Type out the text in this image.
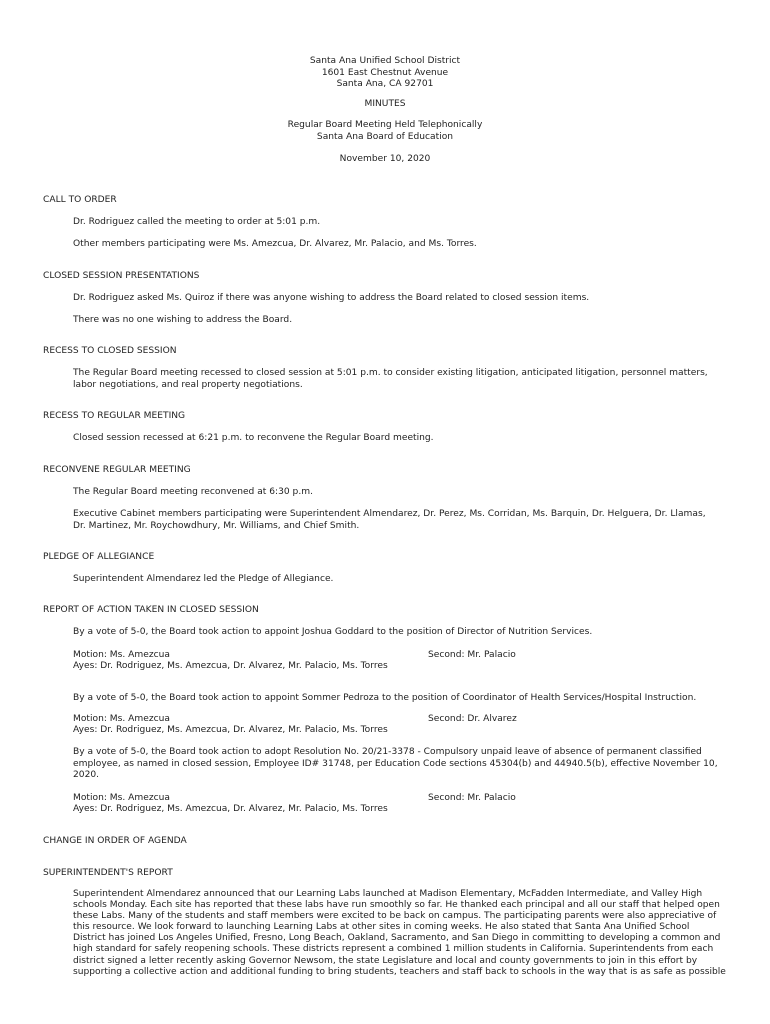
Santa Ana Unified School District
1601 East Chestnut Avenue
Santa Ana, CA 92701
MINUTES
Regular Board Meeting Held Telephonically
Santa Ana Board of Education
November 10, 2020
CALL TO ORDER
Dr. Rodriguez called the meeting to order at 5:01 p.m.
Other members participating were Ms. Amezcua, Dr. Alvarez, Mr. Palacio, and Ms. Torres.
CLOSED SESSION PRESENTATIONS
Dr. Rodriguez asked Ms. Quiroz if there was anyone wishing to address the Board related to closed session items.
There was no one wishing to address the Board.
RECESS TO CLOSED SESSION
The Regular Board meeting recessed to closed session at 5:01 p.m. to consider existing litigation, anticipated litigation, personnel matters,
labor negotiations, and real property negotiations.
RECESS TO REGULAR MEETING
Closed session recessed at 6:21 p.m. to reconvene the Regular Board meeting.
RECONVENE REGULAR MEETING
The Regular Board meeting reconvened at 6:30 p.m.
Executive Cabinet members participating were Superintendent Almendarez, Dr. Perez, Ms. Corridan, Ms. Barquin, Dr. Helguera, Dr. Llamas,
Dr. Martinez, Mr. Roychowdhury, Mr. Williams, and Chief Smith.
PLEDGE OF ALLEGIANCE
Superintendent Almendarez led the Pledge of Allegiance.
REPORT OF ACTION TAKEN IN CLOSED SESSION
By a vote of 5-0, the Board took action to appoint Joshua Goddard to the position of Director of Nutrition Services.
Motion: Ms. Amezcua	Second: Mr. Palacio
Ayes: Dr. Rodriguez, Ms. Amezcua, Dr. Alvarez, Mr. Palacio, Ms. Torres
By a vote of 5-0, the Board took action to appoint Sommer Pedroza to the position of Coordinator of Health Services/Hospital Instruction.
Motion: Ms. Amezcua	Second: Dr. Alvarez
Ayes: Dr. Rodriguez, Ms. Amezcua, Dr. Alvarez, Mr. Palacio, Ms. Torres
By a vote of 5-0, the Board took action to adopt Resolution No. 20/21-3378 - Compulsory unpaid leave of absence of permanent classified
employee, as named in closed session, Employee ID# 31748, per Education Code sections 45304(b) and 44940.5(b), effective November 10,
2020.
Motion: Ms. Amezcua	Second: Mr. Palacio
Ayes: Dr. Rodriguez, Ms. Amezcua, Dr. Alvarez, Mr. Palacio, Ms. Torres
CHANGE IN ORDER OF AGENDA
SUPERINTENDENT'S REPORT
Superintendent Almendarez announced that our Learning Labs launched at Madison Elementary, McFadden Intermediate, and Valley High
schools Monday. Each site has reported that these labs have run smoothly so far. He thanked each principal and all our staff that helped open
these Labs. Many of the students and staff members were excited to be back on campus. The participating parents were also appreciative of
this resource. We look forward to launching Learning Labs at other sites in coming weeks. He also stated that Santa Ana Unified School
District has joined Los Angeles Unified, Fresno, Long Beach, Oakland, Sacramento, and San Diego in committing to developing a common and
high standard for safely reopening schools. These districts represent a combined 1 million students in California. Superintendents from each
district signed a letter recently asking Governor Newsom, the state Legislature and local and county governments to join in this effort by
supporting a collective action and additional funding to bring students, teachers and staff back to schools in the way that is as safe as possible
